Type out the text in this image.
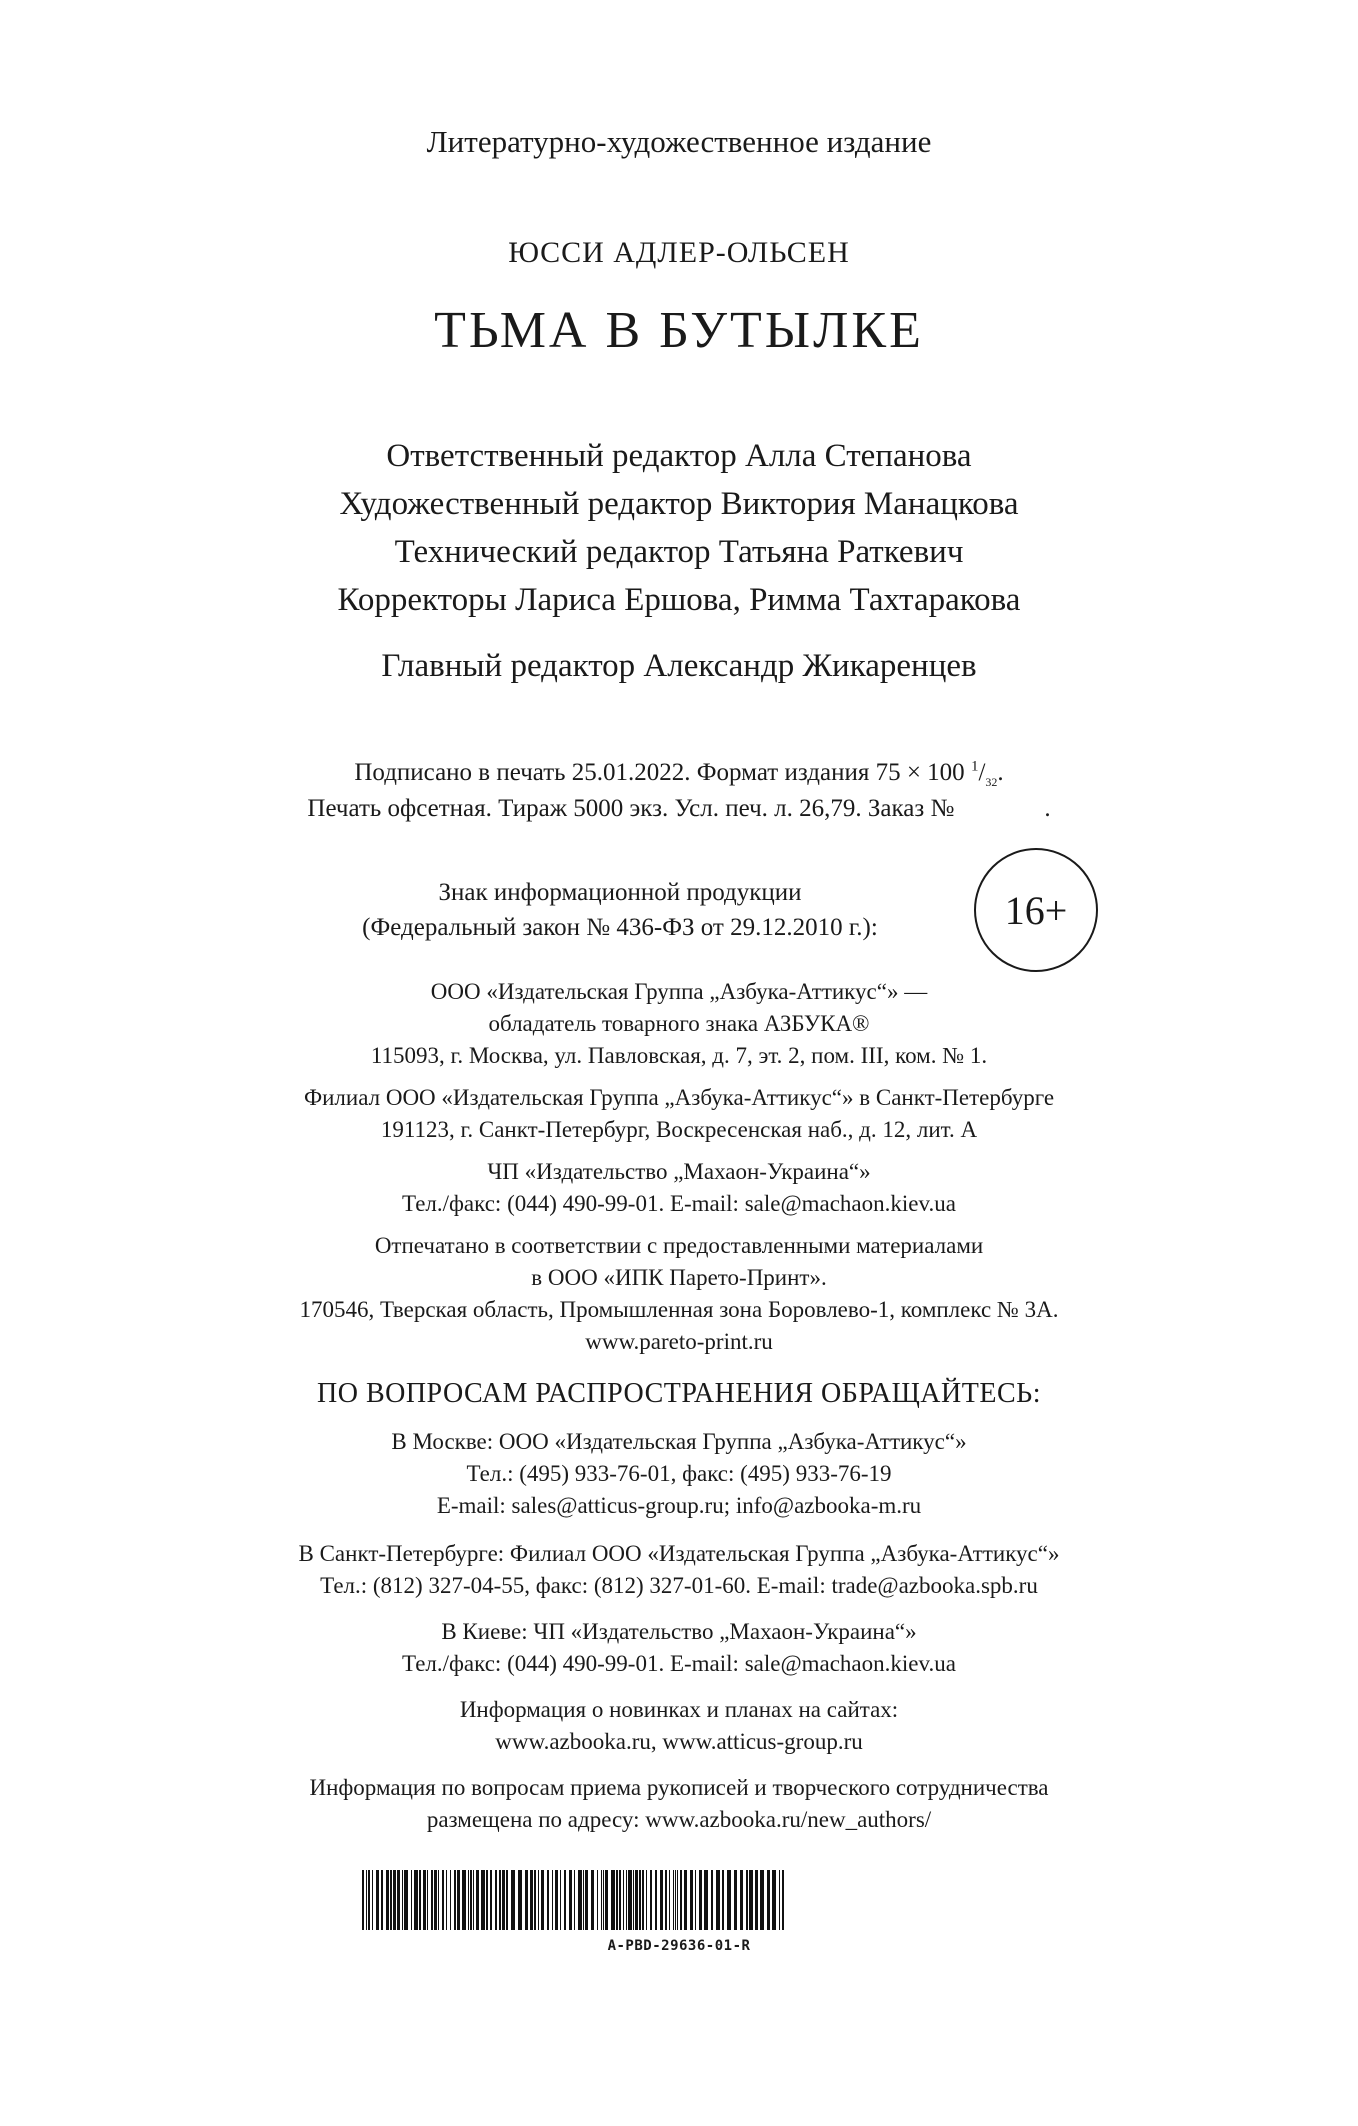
Литературно-художественное издание
ЮССИ АДЛЕР-ОЛЬСЕН
ТЬМА В БУТЫЛКЕ
Ответственный редактор Алла Степанова
Художественный редактор Виктория Манацкова
Технический редактор Татьяна Раткевич
Корректоры Лариса Ершова, Римма Тахтаракова
Главный редактор Александр Жикаренцев
Подписано в печать 25.01.2022. Формат издания 75 × 100 $^1/_{32}$.
Печать офсетная. Тираж 5000 экз. Усл. печ. л. 26,79. Заказ №	.
Знак информационной продукции
(Федеральный закон № 436-ФЗ от 29.12.2010 г.):	16+
ООО «Издательская Группа „Азбука-Аттикус“» —
обладатель товарного знака АЗБУКА®
115093, г. Москва, ул. Павловская, д. 7, эт. 2, пом. III, ком. № 1.
Филиал ООО «Издательская Группа „Азбука-Аттикус“» в Санкт-Петербурге
191123, г. Санкт-Петербург, Воскресенская наб., д. 12, лит. А
ЧП «Издательство „Махаон-Украина“»
Тел./факс: (044) 490-99-01. E-mail: sale@machaon.kiev.ua
Отпечатано в соответствии с предоставленными материалами
в ООО «ИПК Парето-Принт».
170546, Тверская область, Промышленная зона Боровлево-1, комплекс № 3А.
www.pareto-print.ru
ПО ВОПРОСАМ РАСПРОСТРАНЕНИЯ ОБРАЩАЙТЕСЬ:
В Москве: ООО «Издательская Группа „Азбука-Аттикус“»
Тел.: (495) 933-76-01, факс: (495) 933-76-19
E-mail: sales@atticus-group.ru; info@azbooka-m.ru
В Санкт-Петербурге: Филиал ООО «Издательская Группа „Азбука-Аттикус“»
Тел.: (812) 327-04-55, факс: (812) 327-01-60. E-mail: trade@azbooka.spb.ru
В Киеве: ЧП «Издательство „Махаон-Украина“»
Тел./факс: (044) 490-99-01. E-mail: sale@machaon.kiev.ua
Информация о новинках и планах на сайтах:
www.azbooka.ru, www.atticus-group.ru
Информация по вопросам приема рукописей и творческого сотрудничества
размещена по адресу: www.azbooka.ru/new_authors/
A-PBD-29636-01-R
